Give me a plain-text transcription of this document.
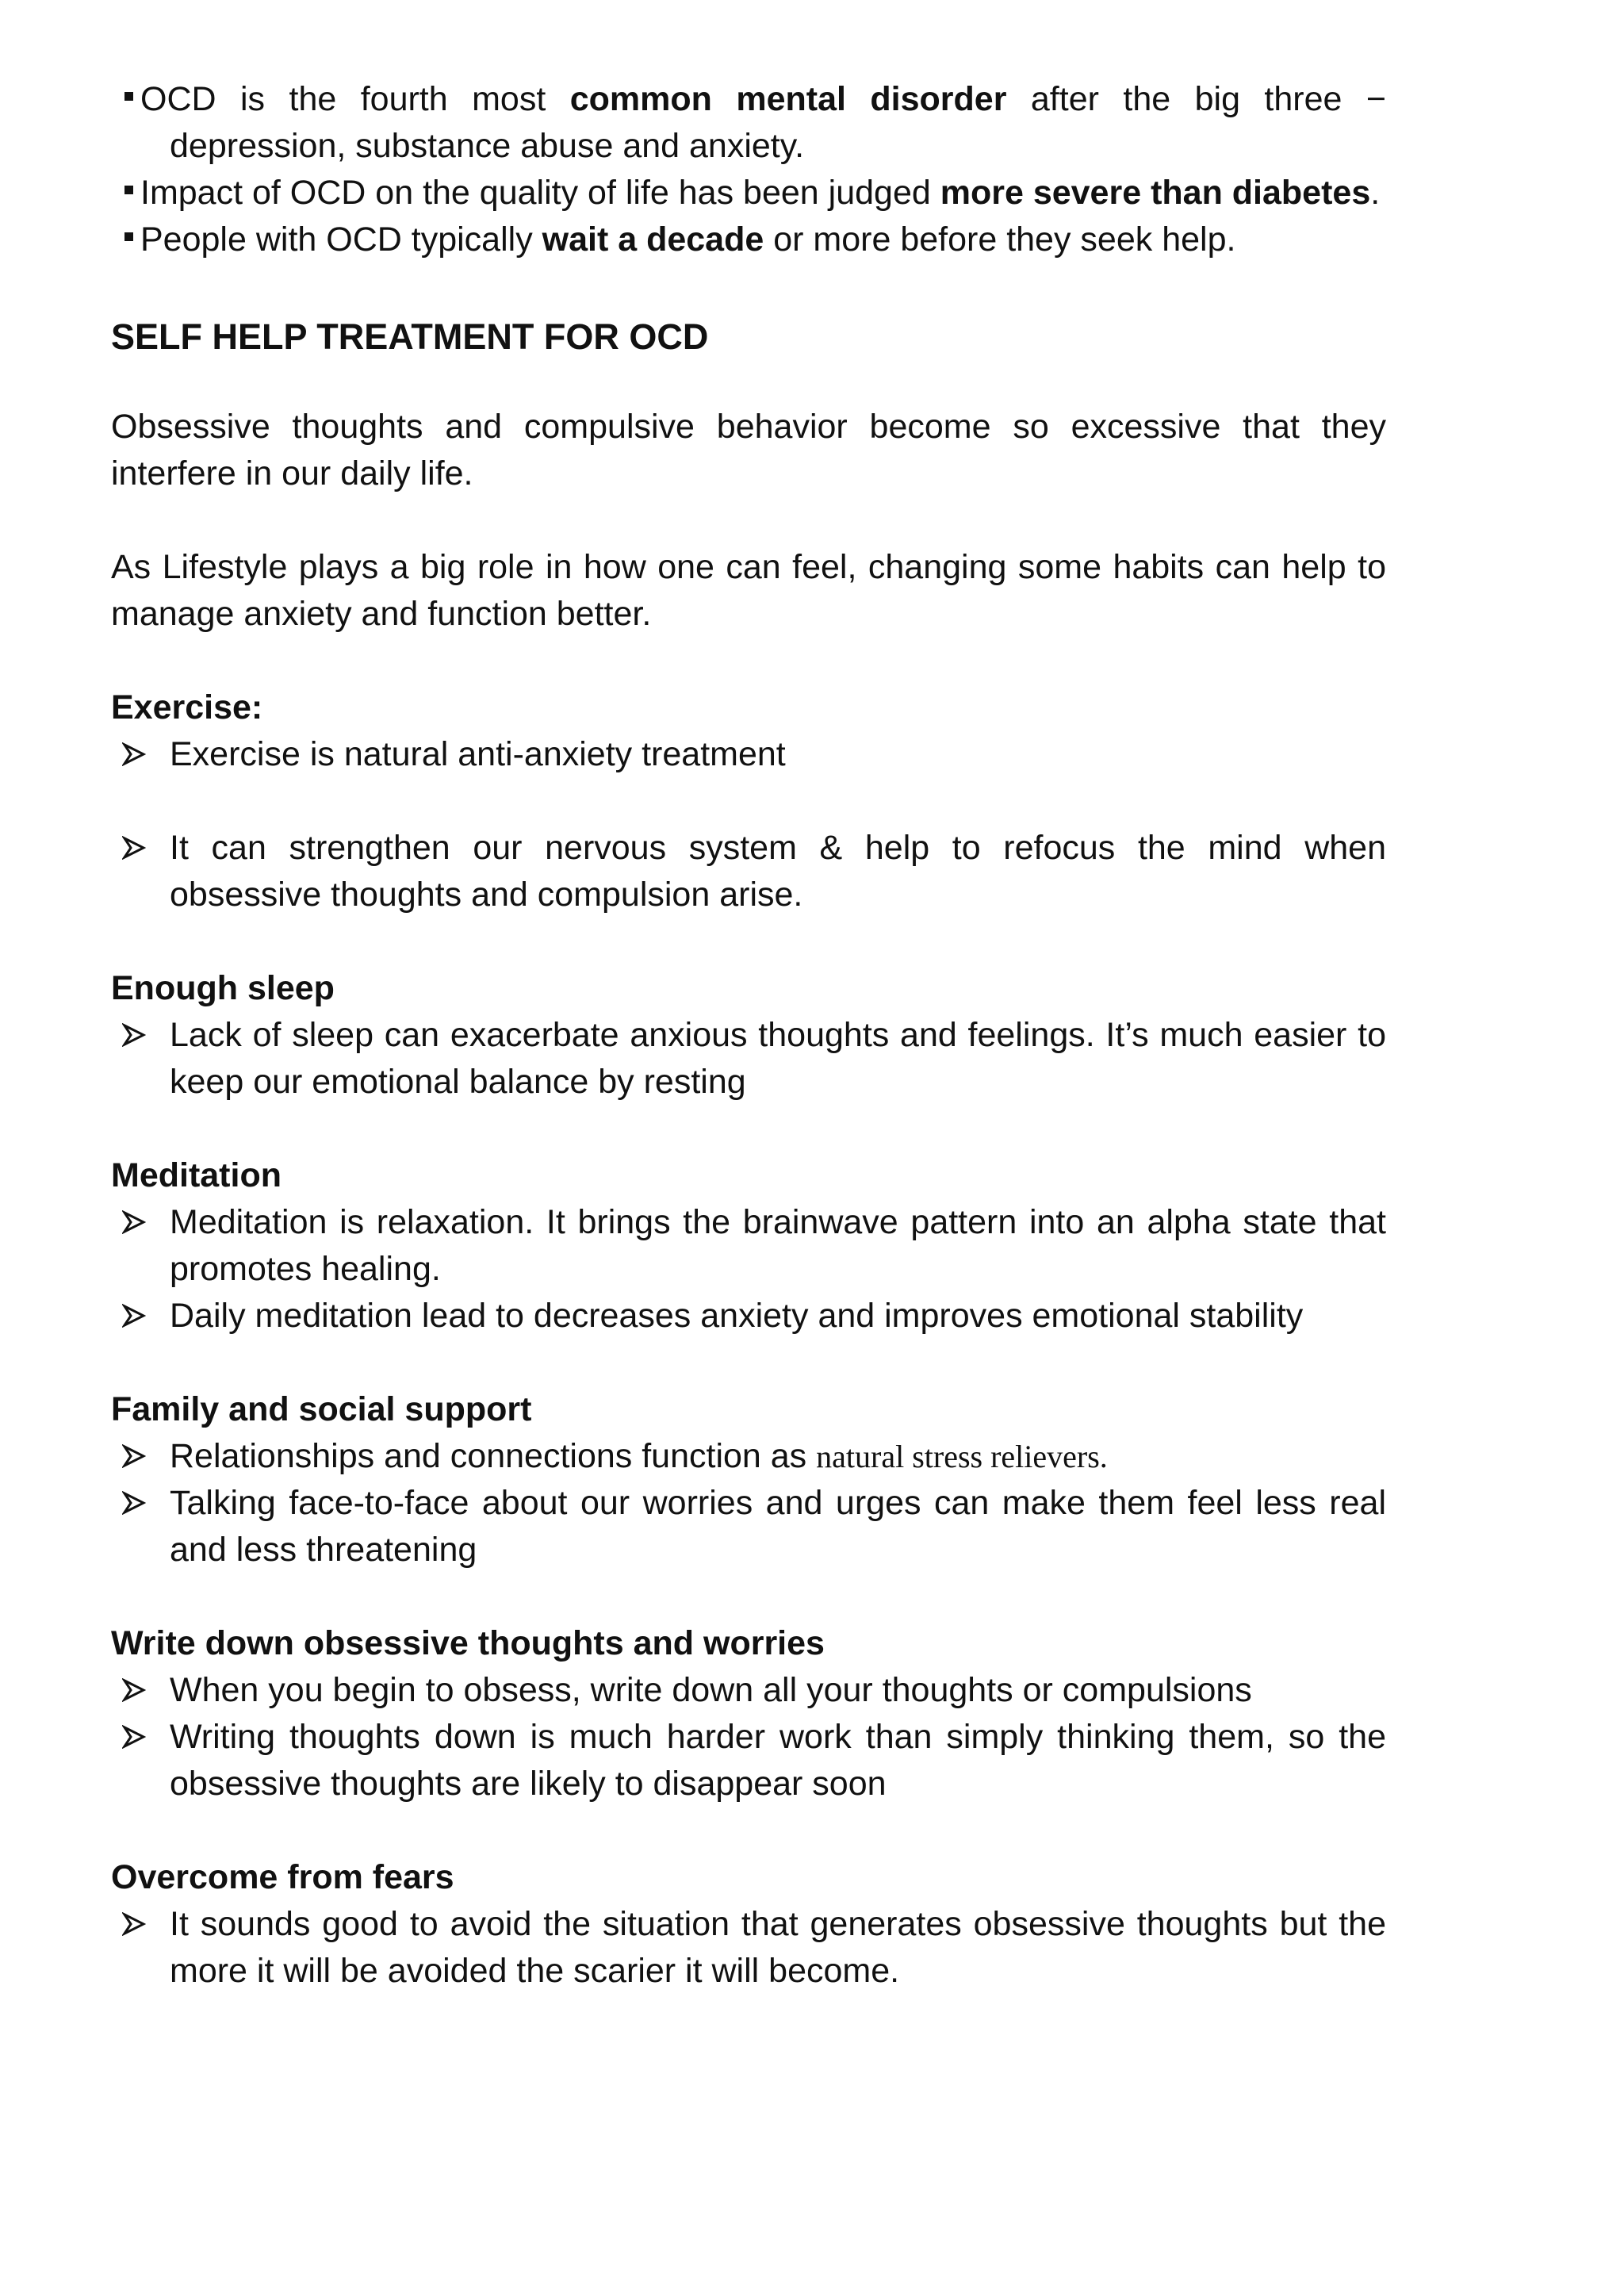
OCD is the fourth most common mental disorder after the big three − depression, substance abuse and anxiety.
Impact of OCD on the quality of life has been judged more severe than diabetes.
People with OCD typically wait a decade or more before they seek help.
SELF HELP TREATMENT FOR OCD

Obsessive thoughts and compulsive behavior become so excessive that they interfere in our daily life.

As Lifestyle plays a big role in how one can feel, changing some habits can help to manage anxiety and function better.

Exercise:

Exercise is natural anti-anxiety treatment
It can strengthen our nervous system & help to refocus the mind when obsessive thoughts and compulsion arise.

Enough sleep

Lack of sleep can exacerbate anxious thoughts and feelings. It’s much easier to keep our emotional balance by resting

Meditation

Meditation is relaxation. It brings the brainwave pattern into an alpha state that promotes healing.
Daily meditation lead to decreases anxiety and improves emotional stability

Family and social support

Relationships and connections function as natural stress relievers.
Talking face-to-face about our worries and urges can make them feel less real and less threatening

Write down obsessive thoughts and worries

When you begin to obsess, write down all your thoughts or compulsions
Writing thoughts down is much harder work than simply thinking them, so the obsessive thoughts are likely to disappear soon

Overcome from fears

It sounds good to avoid the situation that generates obsessive thoughts but the more it will be avoided the scarier it will become.
